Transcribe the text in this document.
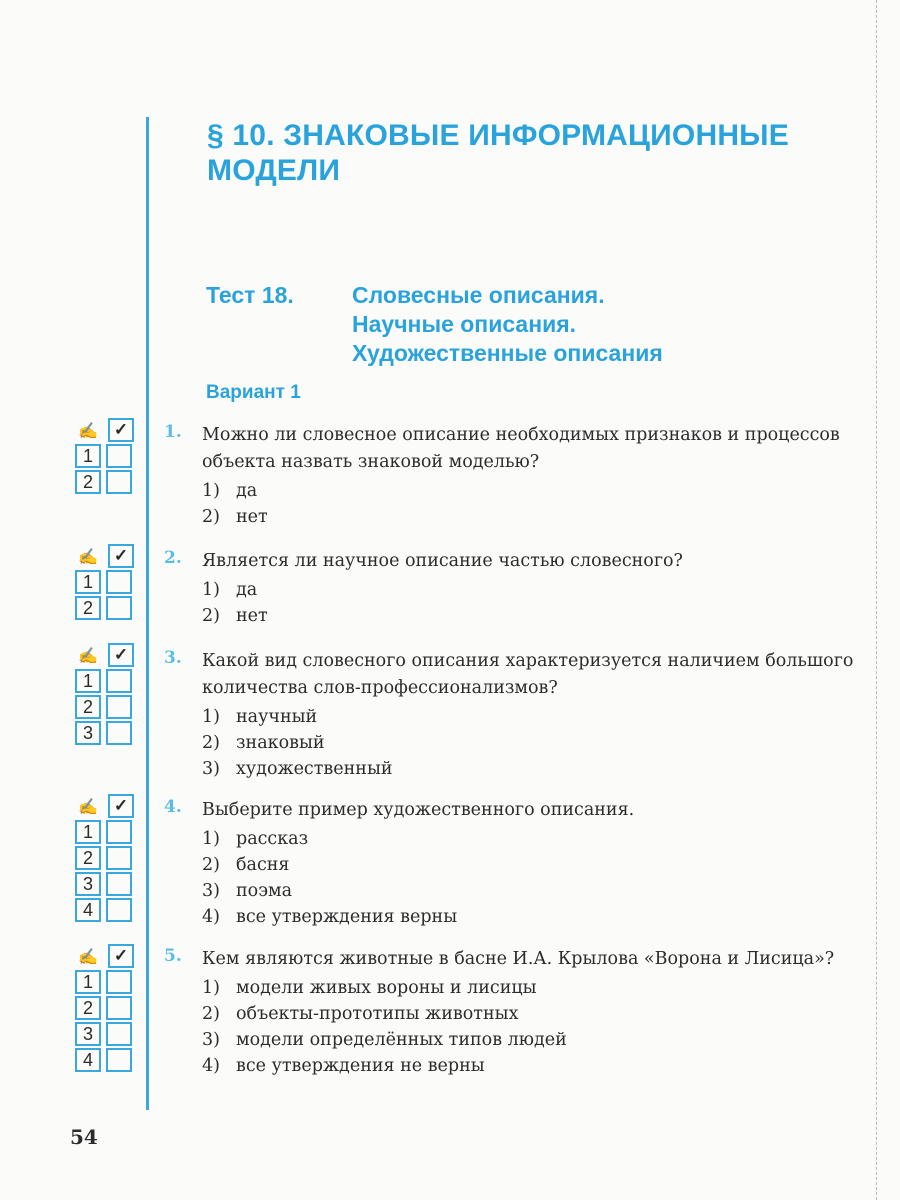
§ 10. ЗНАКОВЫЕ ИНФОРМАЦИОННЫЕ
МОДЕЛИ
Тест 18.	Словесные описания.
Научные описания.
Художественные описания
Вариант 1
✍ ✓
1
2
1. Можно ли словесное описание необходимых признаков и процессов объекта назвать знаковой моделью?
1) да
2) нет
✍ ✓
1
2
2. Является ли научное описание частью словесного?
1) да
2) нет
✍ ✓
1
2
3
3. Какой вид словесного описания характеризуется наличием большого количества слов-профессионализмов?
1) научный
2) знаковый
3) художественный
✍ ✓
1
2
3
4
4. Выберите пример художественного описания.
1) рассказ
2) басня
3) поэма
4) все утверждения верны
✍ ✓
1
2
3
4
5. Кем являются животные в басне И.А. Крылова «Ворона и Лисица»?
1) модели живых вороны и лисицы
2) объекты-прототипы животных
3) модели определённых типов людей
4) все утверждения не верны
54
